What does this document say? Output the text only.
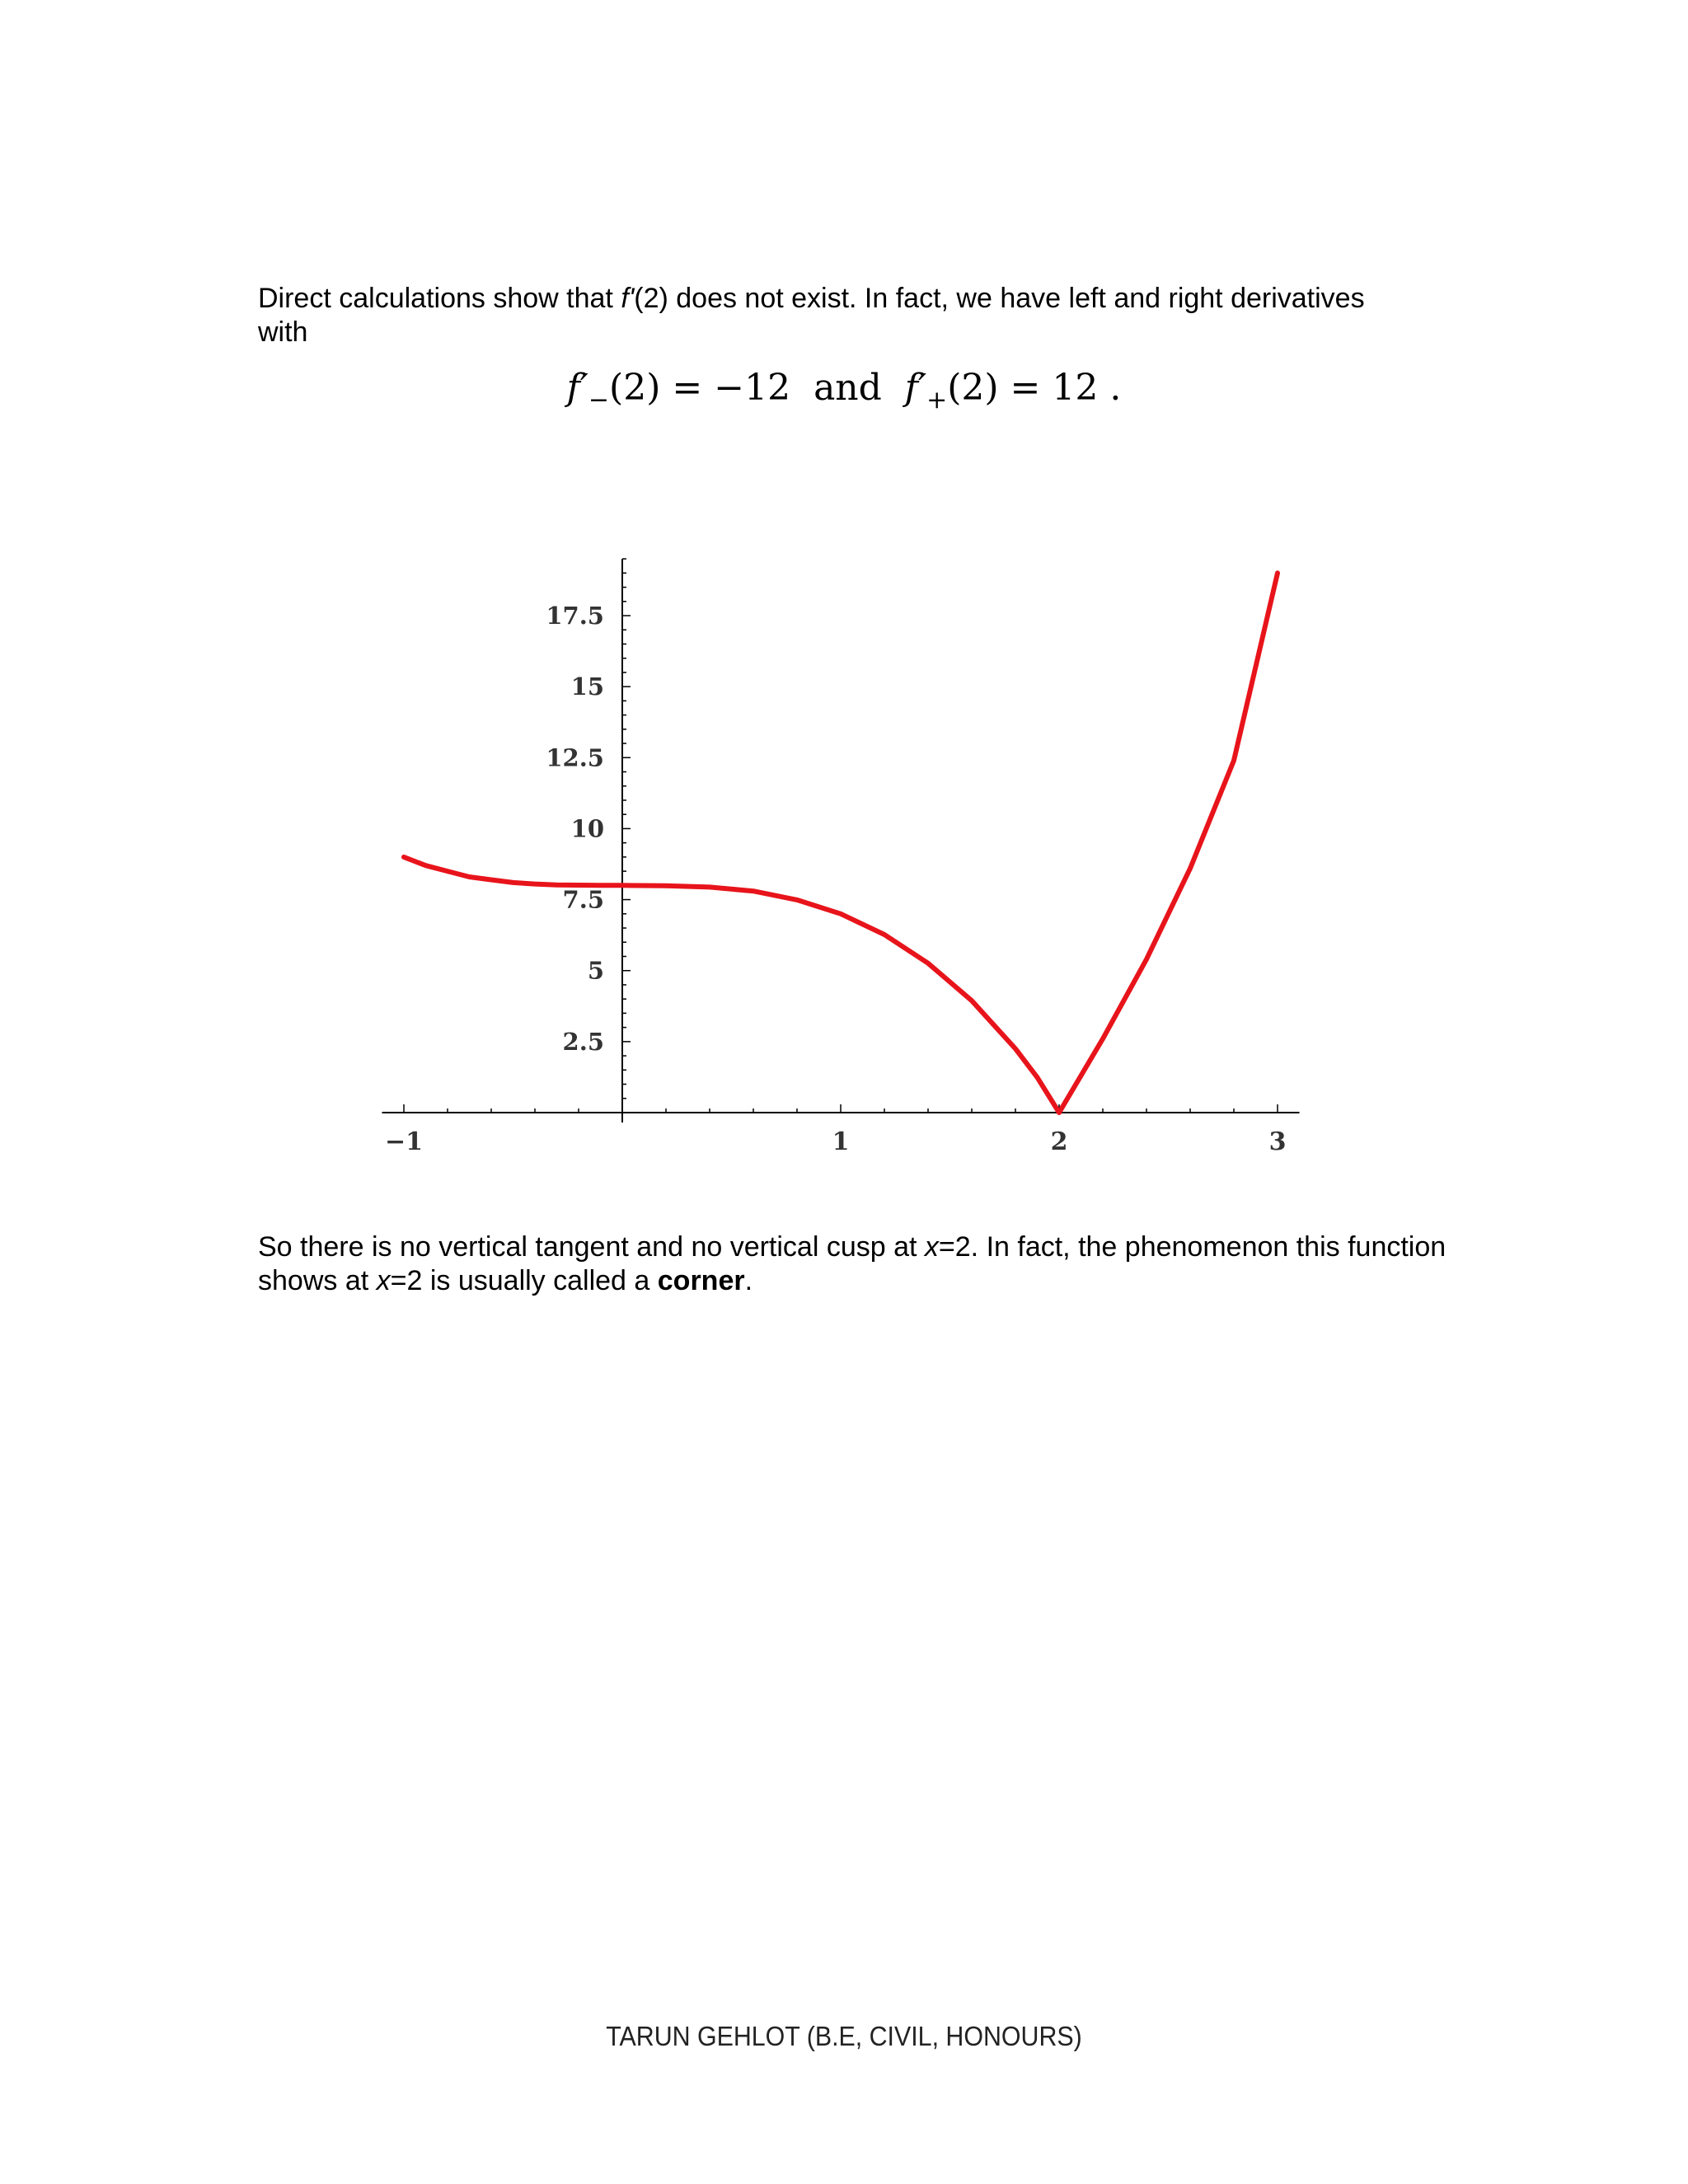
Direct calculations show that f'(2) does not exist. In fact, we have left and right derivatives with

$f'_-(2) = -12$ and $f'_+(2) = 12$ .
−1	1	2	3
2.5
5
7.5
10
12.5
15
17.5

So there is no vertical tangent and no vertical cusp at x=2. In fact, the phenomenon this function shows at x=2 is usually called a corner.

TARUN GEHLOT (B.E, CIVIL, HONOURS)
